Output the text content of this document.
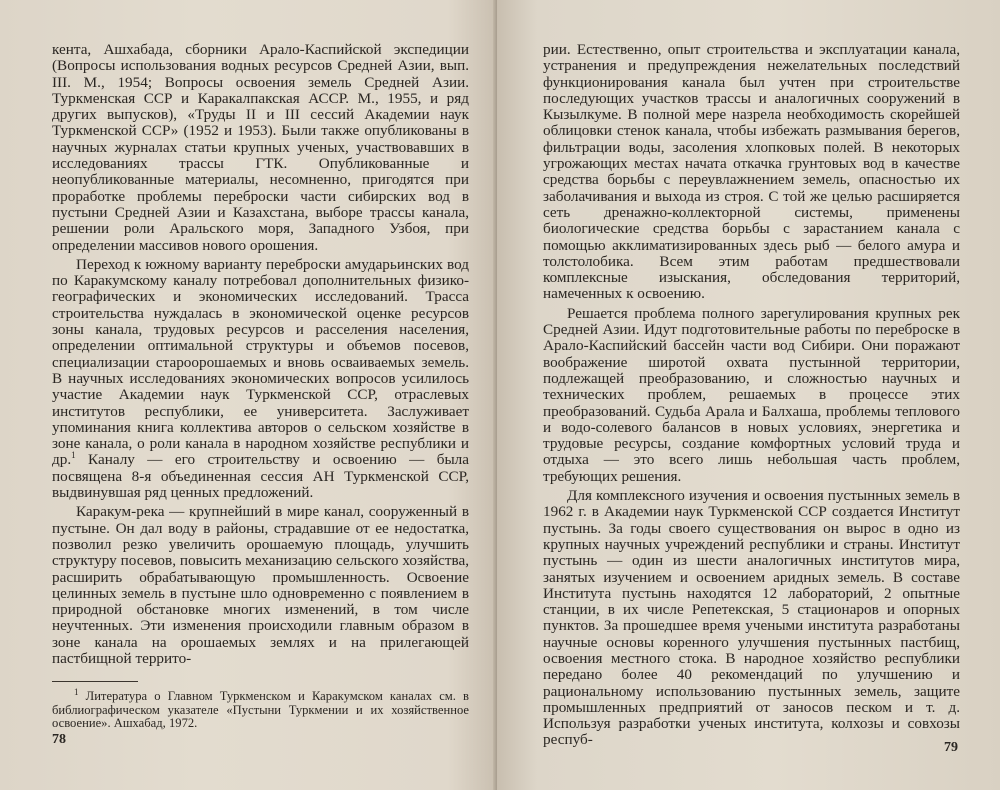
кента, Ашхабада, сборники Арало-Каспийской экспедиции (Вопросы использования водных ресурсов Средней Азии, вып. III. М., 1954; Вопросы освоения земель Средней Азии. Туркменская ССР и Каракалпакская АССР. М., 1955, и ряд других выпусков), «Труды II и III сессий Академии наук Туркменской ССР» (1952 и 1953). Были также опубликованы в научных журналах статьи крупных ученых, участвовавших в исследованиях трассы ГТК. Опубликованные и неопубликованные материалы, несомненно, пригодятся при проработке проблемы переброски части сибирских вод в пустыни Средней Азии и Казахстана, выборе трассы канала, решении роли Аральского моря, Западного Узбоя, при определении массивов нового орошения.

Переход к южному варианту переброски амударьинских вод по Каракумскому каналу потребовал дополнительных физико-географических и экономических исследований. Трасса строительства нуждалась в экономической оценке ресурсов зоны канала, трудовых ресурсов и расселения населения, определении оптимальной структуры и объемов посевов, специализации староорошаемых и вновь осваиваемых земель. В научных исследованиях экономических вопросов усилилось участие Академии наук Туркменской ССР, отраслевых институтов республики, ее университета. Заслуживает упоминания книга коллектива авторов о сельском хозяйстве в зоне канала, о роли канала в народном хозяйстве республики и др.$^1$ Каналу — его строительству и освоению — была посвящена 8-я объединенная сессия АН Туркменской ССР, выдвинувшая ряд ценных предложений.

Каракум-река — крупнейший в мире канал, сооруженный в пустыне. Он дал воду в районы, страдавшие от ее недостатка, позволил резко увеличить орошаемую площадь, улучшить структуру посевов, повысить механизацию сельского хозяйства, расширить обрабатывающую промышленность. Освоение целинных земель в пустыне шло одновременно с появлением в природной обстановке многих изменений, в том числе неучтенных. Эти изменения происходили главным образом в зоне канала на орошаемых землях и на прилегающей пастбищной террито-

$^1$ Литература о Главном Туркменском и Каракумском каналах см. в библиографическом указателе «Пустыни Туркмении и их хозяйственное освоение». Ашхабад, 1972.

78

рии. Естественно, опыт строительства и эксплуатации канала, устранения и предупреждения нежелательных последствий функционирования канала был учтен при строительстве последующих участков трассы и аналогичных сооружений в Кызылкуме. В полной мере назрела необходимость скорейшей облицовки стенок канала, чтобы избежать размывания берегов, фильтрации воды, засоления хлопковых полей. В некоторых угрожающих местах начата откачка грунтовых вод в качестве средства борьбы с переувлажнением земель, опасностью их заболачивания и выхода из строя. С той же целью расширяется сеть дренажно-коллекторной системы, применены биологические средства борьбы с зарастанием канала с помощью акклиматизированных здесь рыб — белого амура и толстолобика. Всем этим работам предшествовали комплексные изыскания, обследования территорий, намеченных к освоению.

Решается проблема полного зарегулирования крупных рек Средней Азии. Идут подготовительные работы по переброске в Арало-Каспийский бассейн части вод Сибири. Они поражают воображение широтой охвата пустынной территории, подлежащей преобразованию, и сложностью научных и технических проблем, решаемых в процессе этих преобразований. Судьба Арала и Балхаша, проблемы теплового и водо-солевого балансов в новых условиях, энергетика и трудовые ресурсы, создание комфортных условий труда и отдыха — это всего лишь небольшая часть проблем, требующих решения.

Для комплексного изучения и освоения пустынных земель в 1962 г. в Академии наук Туркменской ССР создается Институт пустынь. За годы своего существования он вырос в одно из крупных научных учреждений республики и страны. Институт пустынь — один из шести аналогичных институтов мира, занятых изучением и освоением аридных земель. В составе Института пустынь находятся 12 лабораторий, 2 опытные станции, в их числе Репетекская, 5 стационаров и опорных пунктов. За прошедшее время учеными института разработаны научные основы коренного улучшения пустынных пастбищ, освоения местного стока. В народное хозяйство республики передано более 40 рекомендаций по улучшению и рациональному использованию пустынных земель, защите промышленных предприятий от заносов песком и т. д. Используя разработки ученых института, колхозы и совхозы респуб-	79
